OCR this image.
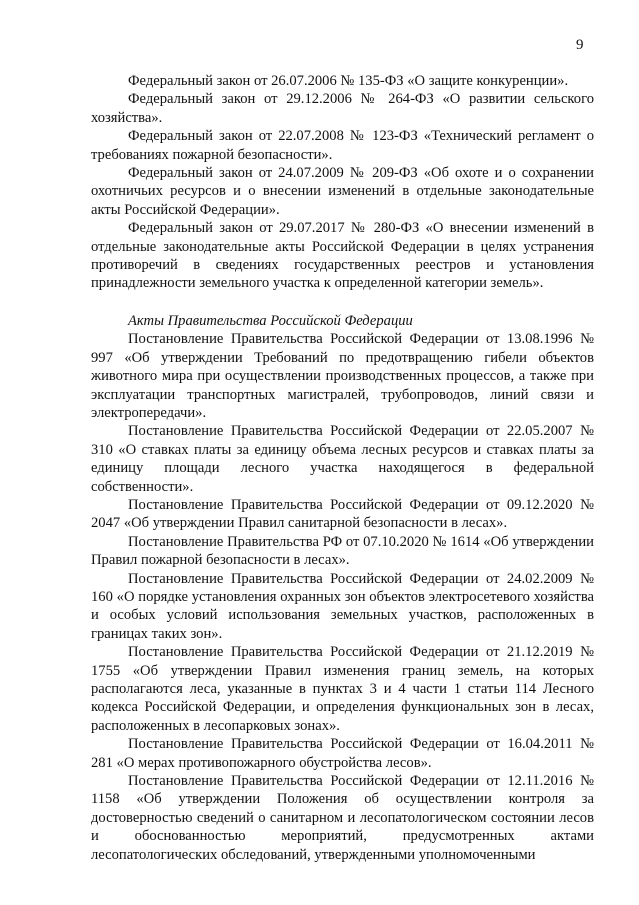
9

Федеральный закон от 26.07.2006 № 135-ФЗ «О защите конкуренции».

Федеральный закон от 29.12.2006 № 264-ФЗ «О развитии сельского хозяйства».

Федеральный закон от 22.07.2008 № 123-ФЗ «Технический регламент о требованиях пожарной безопасности».

Федеральный закон от 24.07.2009 № 209-ФЗ «Об охоте и о сохранении охотничьих ресурсов и о внесении изменений в отдельные законодательные акты Российской Федерации».

Федеральный закон от 29.07.2017 № 280-ФЗ «О внесении изменений в отдельные законодательные акты Российской Федерации в целях устранения противоречий в сведениях государственных реестров и установления принадлежности земельного участка к определенной категории земель».

Акты Правительства Российской Федерации

Постановление Правительства Российской Федерации от 13.08.1996 № 997 «Об утверждении Требований по предотвращению гибели объектов животного мира при осуществлении производственных процессов, а также при эксплуатации транспортных магистралей, трубопроводов, линий связи и электропередачи».

Постановление Правительства Российской Федерации от 22.05.2007 № 310 «О ставках платы за единицу объема лесных ресурсов и ставках платы за единицу площади лесного участка находящегося в федеральной собственности».

Постановление Правительства Российской Федерации от 09.12.2020 № 2047 «Об утверждении Правил санитарной безопасности в лесах».

Постановление Правительства РФ от 07.10.2020 № 1614 «Об утверждении Правил пожарной безопасности в лесах».

Постановление Правительства Российской Федерации от 24.02.2009 № 160 «О порядке установления охранных зон объектов электросетевого хозяйства и особых условий использования земельных участков, расположенных в границах таких зон».

Постановление Правительства Российской Федерации от 21.12.2019 № 1755 «Об утверждении Правил изменения границ земель, на которых располагаются леса, указанные в пунктах 3 и 4 части 1 статьи 114 Лесного кодекса Российской Федерации, и определения функциональных зон в лесах, расположенных в лесопарковых зонах».

Постановление Правительства Российской Федерации от 16.04.2011 № 281 «О мерах противопожарного обустройства лесов».

Постановление Правительства Российской Федерации от 12.11.2016 № 1158 «Об утверждении Положения об осуществлении контроля за достоверностью сведений о санитарном и лесопатологическом состоянии лесов и обоснованностью мероприятий, предусмотренных актами лесопатологических обследований, утвержденными уполномоченными
